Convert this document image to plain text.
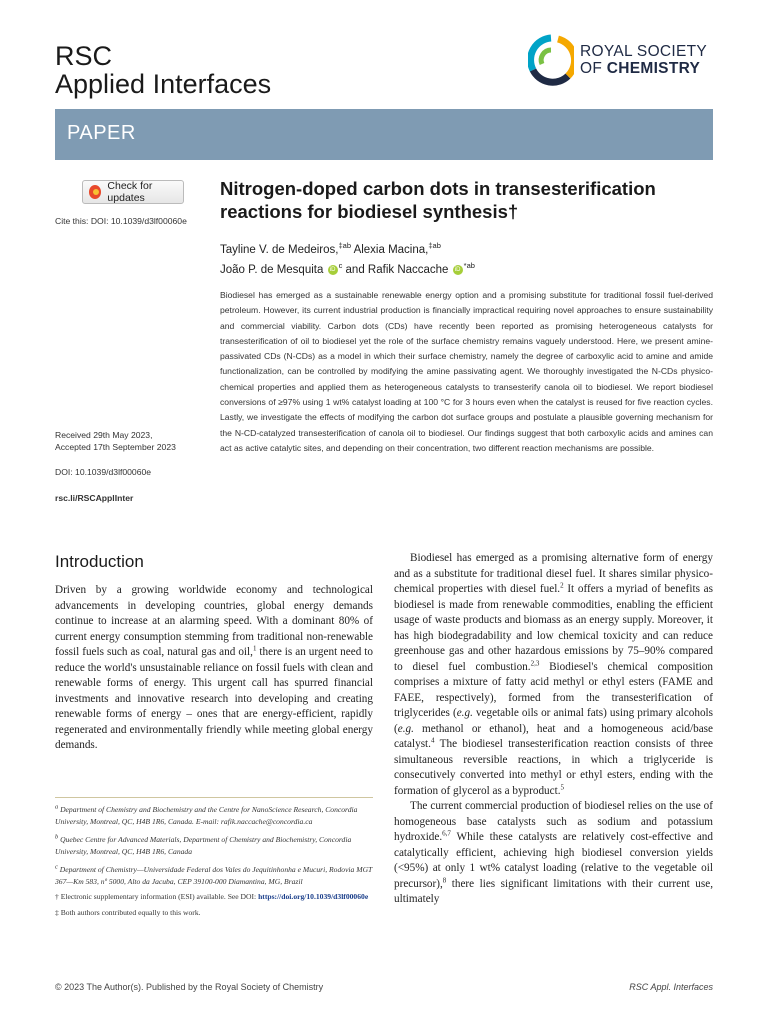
RSC
Applied Interfaces
ROYAL SOCIETY
OF CHEMISTRY
PAPER
Check for updates
Cite this: DOI: 10.1039/d3lf00060e
Received 29th May 2023,
Accepted 17th September 2023
DOI: 10.1039/d3lf00060e
rsc.li/RSCApplInter
Nitrogen-doped carbon dots in transesterification reactions for biodiesel synthesis†
Tayline V. de Medeiros,$^{\ddagger ab}$ Alexia Macina,$^{\ddagger ab}$
João P. de Mesquita iD $^c$ and Rafik Naccache iD $^{*ab}$
Biodiesel has emerged as a sustainable renewable energy option and a promising substitute for traditional fossil fuel-derived petroleum. However, its current industrial production is financially impractical requiring novel approaches to ensure sustainability and commercial viability. Carbon dots (CDs) have recently been reported as promising heterogeneous catalysts for transesterification of oil to biodiesel yet the role of the surface chemistry remains vaguely understood. Here, we present amine-passivated CDs (N-CDs) as a model in which their surface chemistry, namely the degree of carboxylic acid to amine and amide functionalization, can be controlled by modifying the amine passivating agent. We thoroughly investigated the N-CDs physico-chemical properties and applied them as heterogeneous catalysts to transesterify canola oil to biodiesel. We report biodiesel conversions of ≥97% using 1 wt% catalyst loading at 100 °C for 3 hours even when the catalyst is reused for five reaction cycles. Lastly, we investigate the effects of modifying the carbon dot surface groups and postulate a plausible governing mechanism for the N-CD-catalyzed transesterification of canola oil to biodiesel. Our findings suggest that both carboxylic acids and amines can act as active catalytic sites, and depending on their concentration, two different reaction mechanisms are possible.
Introduction
Driven by a growing worldwide economy and technological advancements in developing countries, global energy demands continue to increase at an alarming speed. With a dominant 80% of current energy consumption stemming from traditional non-renewable fossil fuels such as coal, natural gas and oil,$^1$ there is an urgent need to reduce the world's unsustainable reliance on fossil fuels with clean and renewable forms of energy. This urgent call has spurred financial investments and innovative research into developing and creating renewable forms of energy – ones that are energy-efficient, rapidly regenerated and environmentally friendly while meeting global energy demands.
Biodiesel has emerged as a promising alternative form of energy and as a substitute for traditional diesel fuel. It shares similar physico-chemical properties with diesel fuel.$^2$ It offers a myriad of benefits as biodiesel is made from renewable commodities, enabling the efficient usage of waste products and biomass as an energy supply. Moreover, it has high biodegradability and low chemical toxicity and can reduce greenhouse gas and other hazardous emissions by 75–90% compared to diesel fuel combustion.$^{2,3}$ Biodiesel's chemical composition comprises a mixture of fatty acid methyl or ethyl esters (FAME and FAEE, respectively), formed from the transesterification of triglycerides (e.g. vegetable oils or animal fats) using primary alcohols (e.g. methanol or ethanol), heat and a homogeneous acid/base catalyst.$^4$ The biodiesel transesterification reaction consists of three simultaneous reversible reactions, in which a triglyceride is consecutively converted into methyl or ethyl esters, ending with the formation of glycerol as a byproduct.$^5$
The current commercial production of biodiesel relies on the use of homogeneous base catalysts such as sodium and potassium hydroxide.$^{6,7}$ While these catalysts are relatively cost-effective and catalytically efficient, achieving high biodiesel conversion yields (<95%) at only 1 wt% catalyst loading (relative to the vegetable oil precursor),$^8$ there lies significant limitations with their current use, ultimately

$^a$ Department of Chemistry and Biochemistry and the Centre for NanoScience Research, Concordia University, Montreal, QC, H4B 1R6, Canada. E-mail: rafik.naccache@concordia.ca

$^b$ Quebec Centre for Advanced Materials, Department of Chemistry and Biochemistry, Concordia University, Montreal, QC, H4B 1R6, Canada

$^c$ Department of Chemistry—Universidade Federal dos Vales do Jequitinhonha e Mucuri, Rodovia MGT 367—Km 583, nº 5000, Alto da Jacuba, CEP 39100-000 Diamantina, MG, Brazil

† Electronic supplementary information (ESI) available. See DOI: https://doi.org/10.1039/d3lf00060e

‡ Both authors contributed equally to this work.

© 2023 The Author(s). Published by the Royal Society of Chemistry	RSC Appl. Interfaces
